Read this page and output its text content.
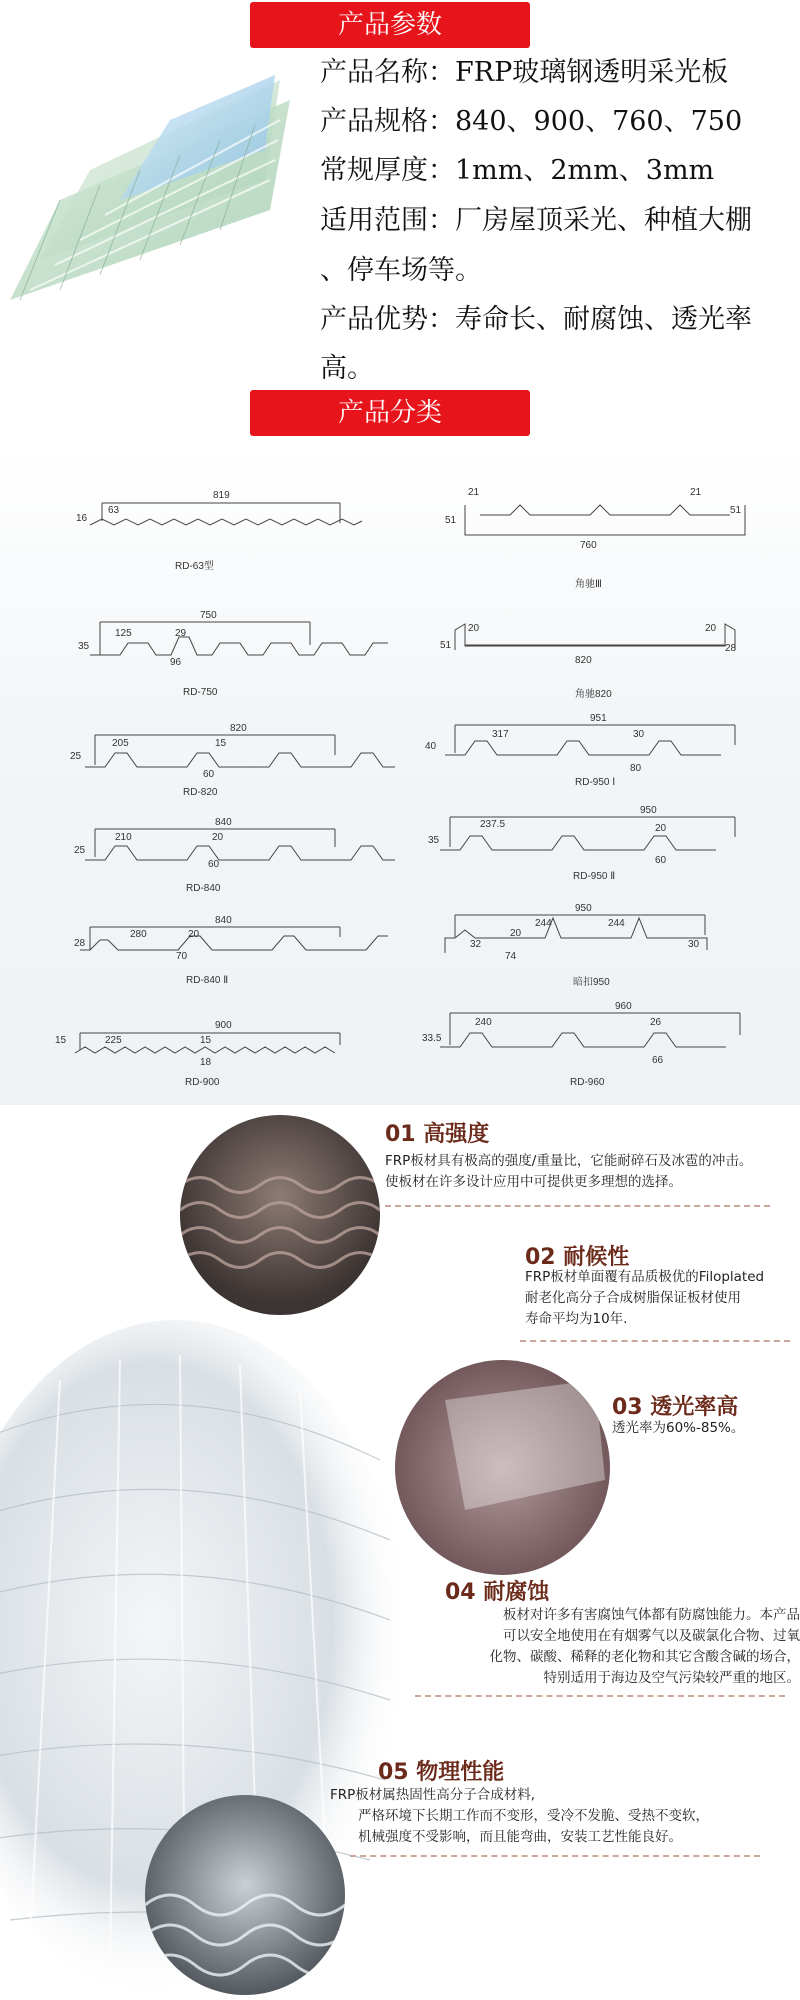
产品参数
产品名称：FRP玻璃钢透明采光板
产品规格：840、900、760、750
常规厚度：1mm、2mm、3mm
适用范围：厂房屋顶采光、种植大棚
、停车场等。
产品优势：寿命长、耐腐蚀、透光率
高。
产品分类
RD-63型
819
63
16
RD-750
750
125	29
35
96
RD-820
820
205	15
25
60
RD-840
840
210	20
25
60
RD-840 Ⅱ
840
280	20
28
70
RD-900
900
225	15
15
18
角驰Ⅲ
21
51
21
760
51
角驰820
20
51
20
820
28
RD-950 Ⅰ
951
317	30
40
80
RD-950 Ⅱ
950
237.5	20
35
60
暗扣950
950
244	244
20
32
74
30
RD-960
960
240	26
33.5
66
01 高强度
FRP板材具有极高的强度/重量比，它能耐碎石及冰雹的冲击。
使板材在许多设计应用中可提供更多理想的选择。
02 耐候性
FRP板材单面覆有品质极优的Filoplated
耐老化高分子合成树脂保证板材使用
寿命平均为10年.
03 透光率高
透光率为60%-85%。
04 耐腐蚀
板材对许多有害腐蚀气体都有防腐蚀能力。本产品
可以安全地使用在有烟雾气以及碳氯化合物、过氧
化物、碳酸、稀释的老化物和其它含酸含碱的场合，
特别适用于海边及空气污染较严重的地区。
05 物理性能
FRP板材属热固性高分子合成材料,
严格环境下长期工作而不变形，受冷不发脆、受热不变软，
机械强度不受影响，而且能弯曲，安装工艺性能良好。
